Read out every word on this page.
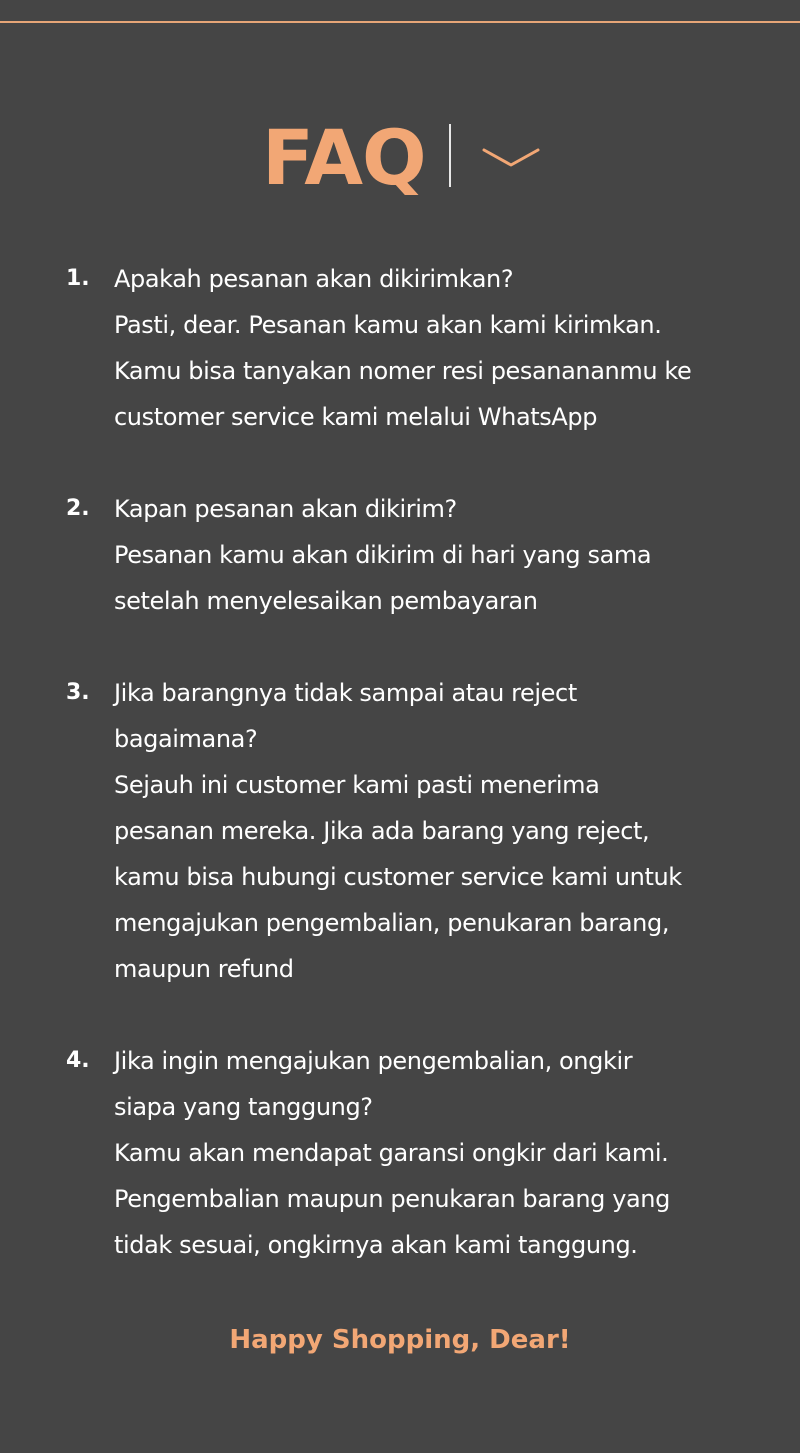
FAQ
1.	Apakah pesanan akan dikirimkan?
Pasti, dear. Pesanan kamu akan kami kirimkan.
Kamu bisa tanyakan nomer resi pesanananmu ke
customer service kami melalui WhatsApp
2.	Kapan pesanan akan dikirim?
Pesanan kamu akan dikirim di hari yang sama
setelah menyelesaikan pembayaran
3.	Jika barangnya tidak sampai atau reject
bagaimana?
Sejauh ini customer kami pasti menerima
pesanan mereka. Jika ada barang yang reject,
kamu bisa hubungi customer service kami untuk
mengajukan pengembalian, penukaran barang,
maupun refund
4.	Jika ingin mengajukan pengembalian, ongkir
siapa yang tanggung?
Kamu akan mendapat garansi ongkir dari kami.
Pengembalian maupun penukaran barang yang
tidak sesuai, ongkirnya akan kami tanggung.
Happy Shopping, Dear!
